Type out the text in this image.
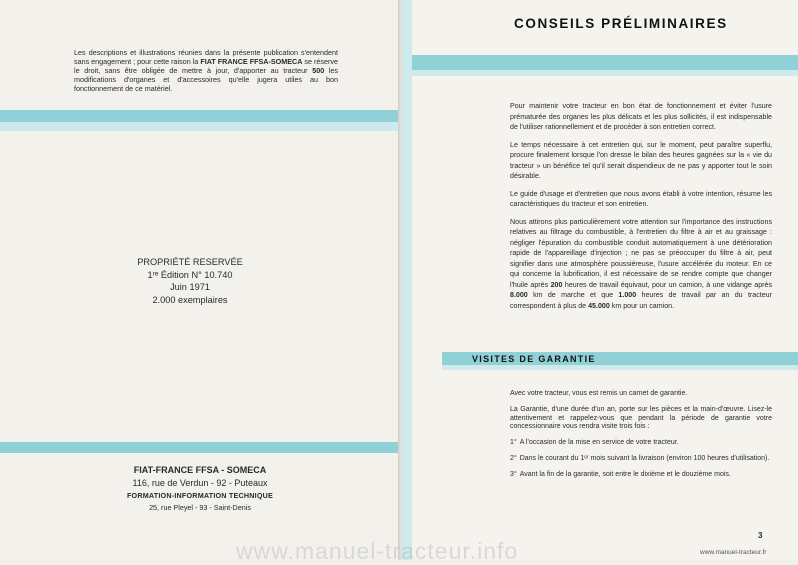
Les descriptions et illustrations réunies dans la présente publication s'entendent sans engagement ; pour cette raison la FIAT FRANCE FFSA-SOMECA se réserve le droit, sans être obligée de mettre à jour, d'apporter au tracteur 500 les modifications d'organes et d'accessoires qu'elle jugera utiles au bon fonctionnement de ce matériel.
PROPRIÉTÉ RESERVÉE
1ʳᵉ Édition N° 10.740
Juin 1971
2.000 exemplaires
FIAT-FRANCE FFSA - SOMECA
116, rue de Verdun - 92 - Puteaux
FORMATION-INFORMATION TECHNIQUE
25, rue Pleyel - 93 - Saint-Denis
CONSEILS PRÉLIMINAIRES

Pour maintenir votre tracteur en bon état de fonctionnement et éviter l'usure prématurée des organes les plus délicats et les plus sollicités, il est indispensable de l'utiliser rationnellement et de procéder à son entretien correct.

Le temps nécessaire à cet entretien qui, sur le moment, peut paraître superflu, procure finalement lorsque l'on dresse le bilan des heures gagnées sur la « vie du tracteur » un bénéfice tel qu'il serait dispendieux de ne pas y apporter tout le soin désirable.

Le guide d'usage et d'entretien que nous avons établi à votre intention, résume les caractéristiques du tracteur et son entretien.

Nous attirons plus particulièrement votre attention sur l'importance des instructions relatives au filtrage du combustible, à l'entretien du filtre à air et au graissage : négliger l'épuration du combustible conduit automatiquement à une détérioration rapide de l'appareillage d'injection ; ne pas se préoccuper du filtre à air, peut signifier dans une atmosphère poussiéreuse, l'usure accélérée du moteur. En ce qui concerne la lubrification, il est nécessaire de se rendre compte que changer l'huile après 200 heures de travail équivaut, pour un camion, à une vidange après 8.000 km de marche et que 1.000 heures de travail par an du tracteur correspondent à plus de 45.000 km pour un camion.

VISITES DE GARANTIE

Avec votre tracteur, vous est remis un carnet de garantie.

La Garantie, d'une durée d'un an, porte sur les pièces et la main-d'œuvre. Lisez-le attentivement et rappelez-vous que pendant la période de garantie votre concessionnaire vous rendra visite trois fois :

1° A l'occasion de la mise en service de votre tracteur.

2° Dans le courant du 1ᵉʳ mois suivant la livraison (environ 100 heures d'utilisation).

3° Avant la fin de la garantie, soit entre le dixième et le douzième mois.

3
www.manuel-tracteur.info	www.manuel-tracteur.fr
